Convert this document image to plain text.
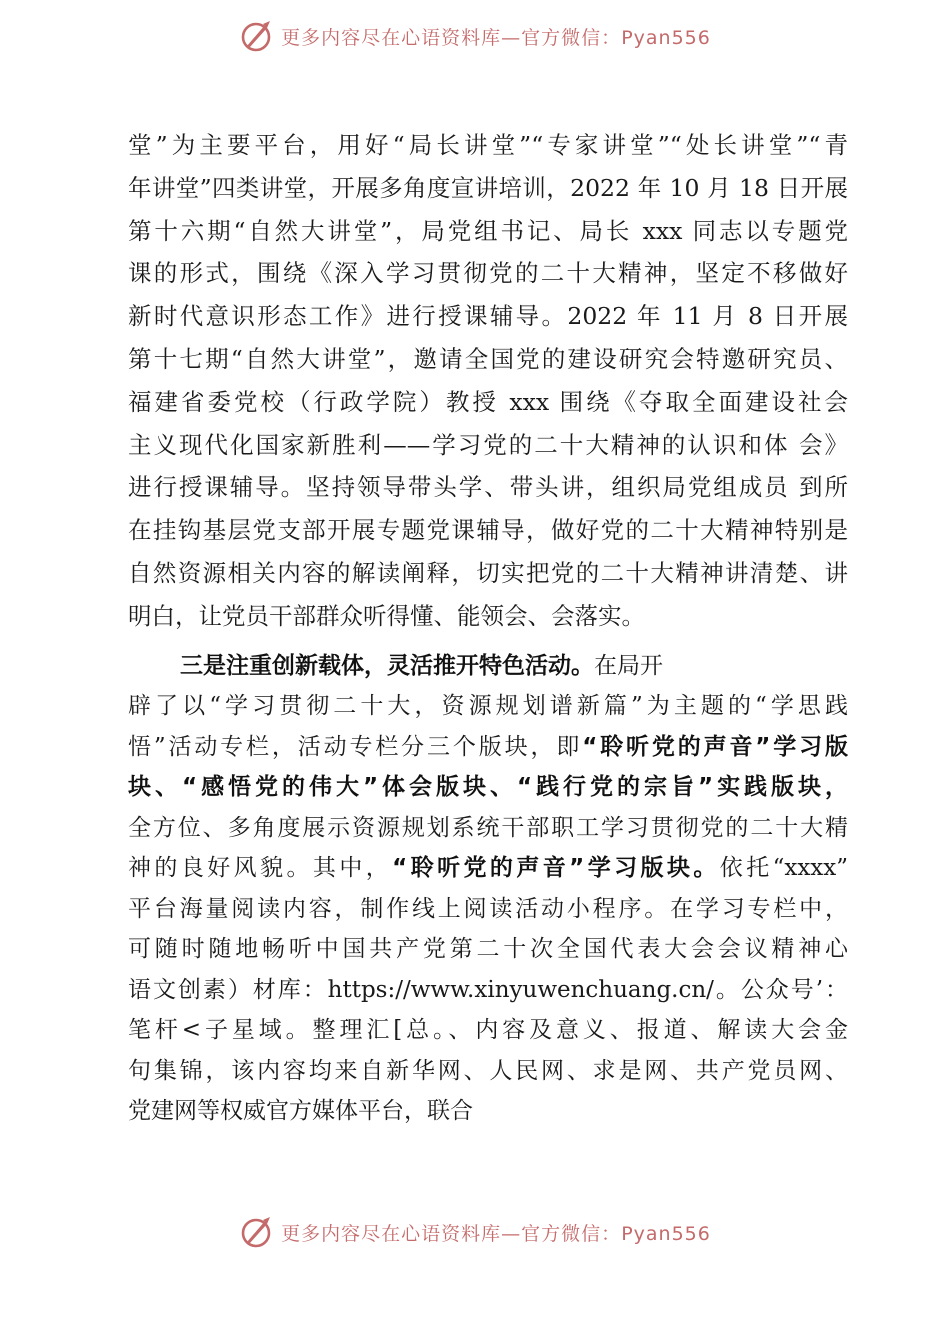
更多内容尽在心语资料库—官方微信：Pyan556
堂”为主要平台，用好“局长讲堂”“专家讲堂”“处长讲堂”“青
年讲堂”四类讲堂，开展多角度宣讲培训，2022 年 10 月 18 日开展
第十六期“自然大讲堂”，局党组书记、局长 xxx 同志以专题党
课的形式，围绕《深入学习贯彻党的二十大精神，坚定不移做好
新时代意识形态工作》进行授课辅导。2022 年 11 月 8 日开展
第十七期“自然大讲堂”，邀请全国党的建设研究会特邀研究员、
福建省委党校（行政学院）教授 xxx 围绕《夺取全面建设社会
主义现代化国家新胜利——学习党的二十大精神的认识和体 会》
进行授课辅导。坚持领导带头学、带头讲，组织局党组成员 到所
在挂钩基层党支部开展专题党课辅导，做好党的二十大精神特别是
自然资源相关内容的解读阐释，切实把党的二十大精神讲清楚、讲
明白，让党员干部群众听得懂、能领会、会落实。
三是注重创新载体，灵活推开特色活动。在局开
辟了以“学习贯彻二十大，资源规划谱新篇”为主题的“学思践
悟”活动专栏，活动专栏分三个版块，即“聆听党的声音”学习版
块、“感悟党的伟大”体会版块、“践行党的宗旨”实践版块，
全方位、多角度展示资源规划系统干部职工学习贯彻党的二十大精
神的良好风貌。其中，“聆听党的声音”学习版块。依托“xxxx”
平台海量阅读内容，制作线上阅读活动小程序。在学习专栏中，
可随时随地畅听中国共产党第二十次全国代表大会会议精神心
语文创素）材库：https://www.xinyuwenchuang.cn/。公众号’：
笔杆<子星域。整理汇[总。、内容及意义、报道、解读大会金
句集锦，该内容均来自新华网、人民网、求是网、共产党员网、
党建网等权威官方媒体平台，联合
更多内容尽在心语资料库—官方微信：Pyan556
